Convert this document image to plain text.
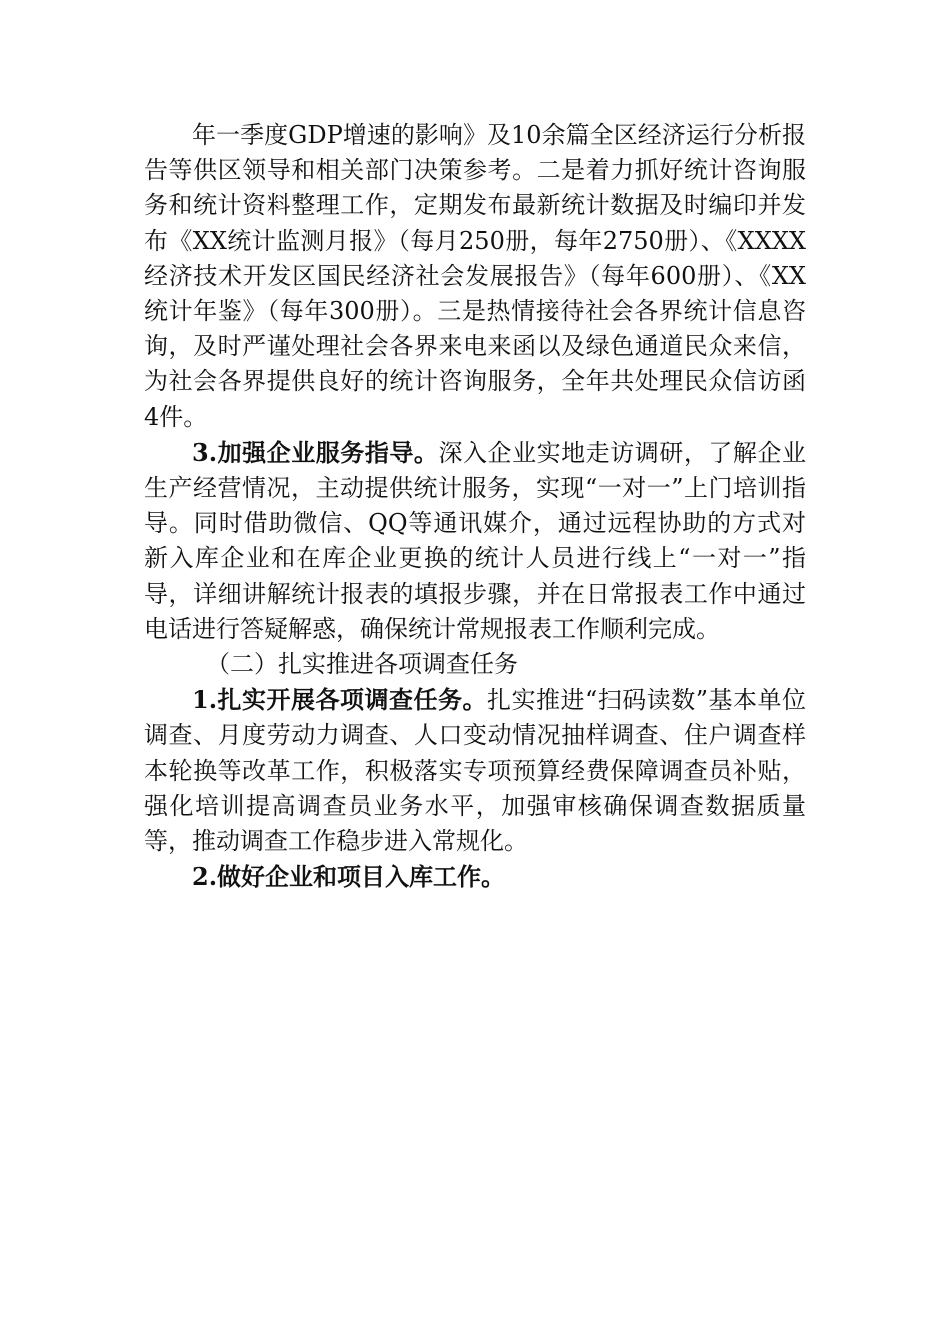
年一季度GDP增速的影响》及10余篇全区经济运行分析报告等供区领导和相关部门决策参考。二是着力抓好统计咨询服务和统计资料整理工作，定期发布最新统计数据及时编印并发布《XX统计监测月报》（每月250册，每年2750册）、《XXXX经济技术开发区国民经济社会发展报告》（每年600册）、《XX统计年鉴》（每年300册）。三是热情接待社会各界统计信息咨询，及时严谨处理社会各界来电来函以及绿色通道民众来信，为社会各界提供良好的统计咨询服务，全年共处理民众信访函4件。

3.加强企业服务指导。深入企业实地走访调研，了解企业生产经营情况，主动提供统计服务，实现“一对一”上门培训指导。同时借助微信、QQ等通讯媒介，通过远程协助的方式对新入库企业和在库企业更换的统计人员进行线上“一对一”指导，详细讲解统计报表的填报步骤，并在日常报表工作中通过电话进行答疑解惑，确保统计常规报表工作顺利完成。

（二）扎实推进各项调查任务

1.扎实开展各项调查任务。扎实推进“扫码读数”基本单位调查、月度劳动力调查、人口变动情况抽样调查、住户调查样本轮换等改革工作，积极落实专项预算经费保障调查员补贴，强化培训提高调查员业务水平，加强审核确保调查数据质量等，推动调查工作稳步进入常规化。

2.做好企业和项目入库工作。
